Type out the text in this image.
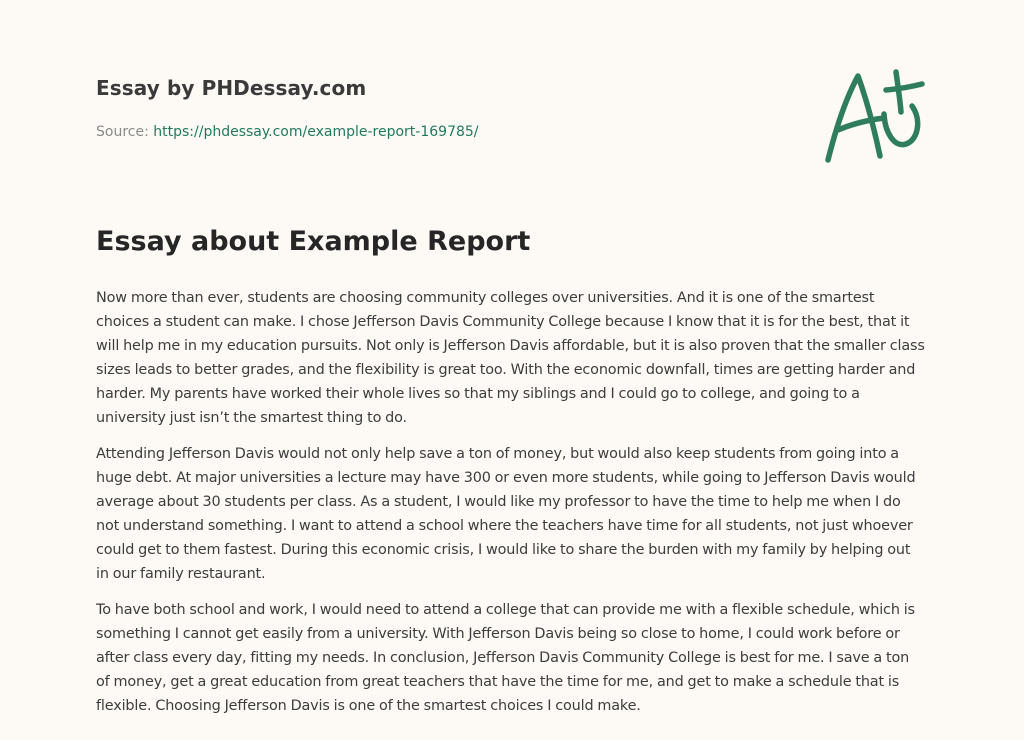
Essay by PHDessay.com
Source: https://phdessay.com/example-report-169785/
Essay about Example Report

Now more than ever, students are choosing community colleges over universities. And it is one of the smartest choices a student can make. I chose Jefferson Davis Community College because I know that it is for the best, that it will help me in my education pursuits. Not only is Jefferson Davis affordable, but it is also proven that the smaller class sizes leads to better grades, and the flexibility is great too. With the economic downfall, times are getting harder and harder. My parents have worked their whole lives so that my siblings and I could go to college, and going to a university just isn’t the smartest thing to do.

Attending Jefferson Davis would not only help save a ton of money, but would also keep students from going into a huge debt. At major universities a lecture may have 300 or even more students, while going to Jefferson Davis would average about 30 students per class. As a student, I would like my professor to have the time to help me when I do not understand something. I want to attend a school where the teachers have time for all students, not just whoever could get to them fastest. During this economic crisis, I would like to share the burden with my family by helping out in our family restaurant.

To have both school and work, I would need to attend a college that can provide me with a flexible schedule, which is something I cannot get easily from a university. With Jefferson Davis being so close to home, I could work before or after class every day, fitting my needs. In conclusion, Jefferson Davis Community College is best for me. I save a ton of money, get a great education from great teachers that have the time for me, and get to make a schedule that is flexible. Choosing Jefferson Davis is one of the smartest choices I could make.
